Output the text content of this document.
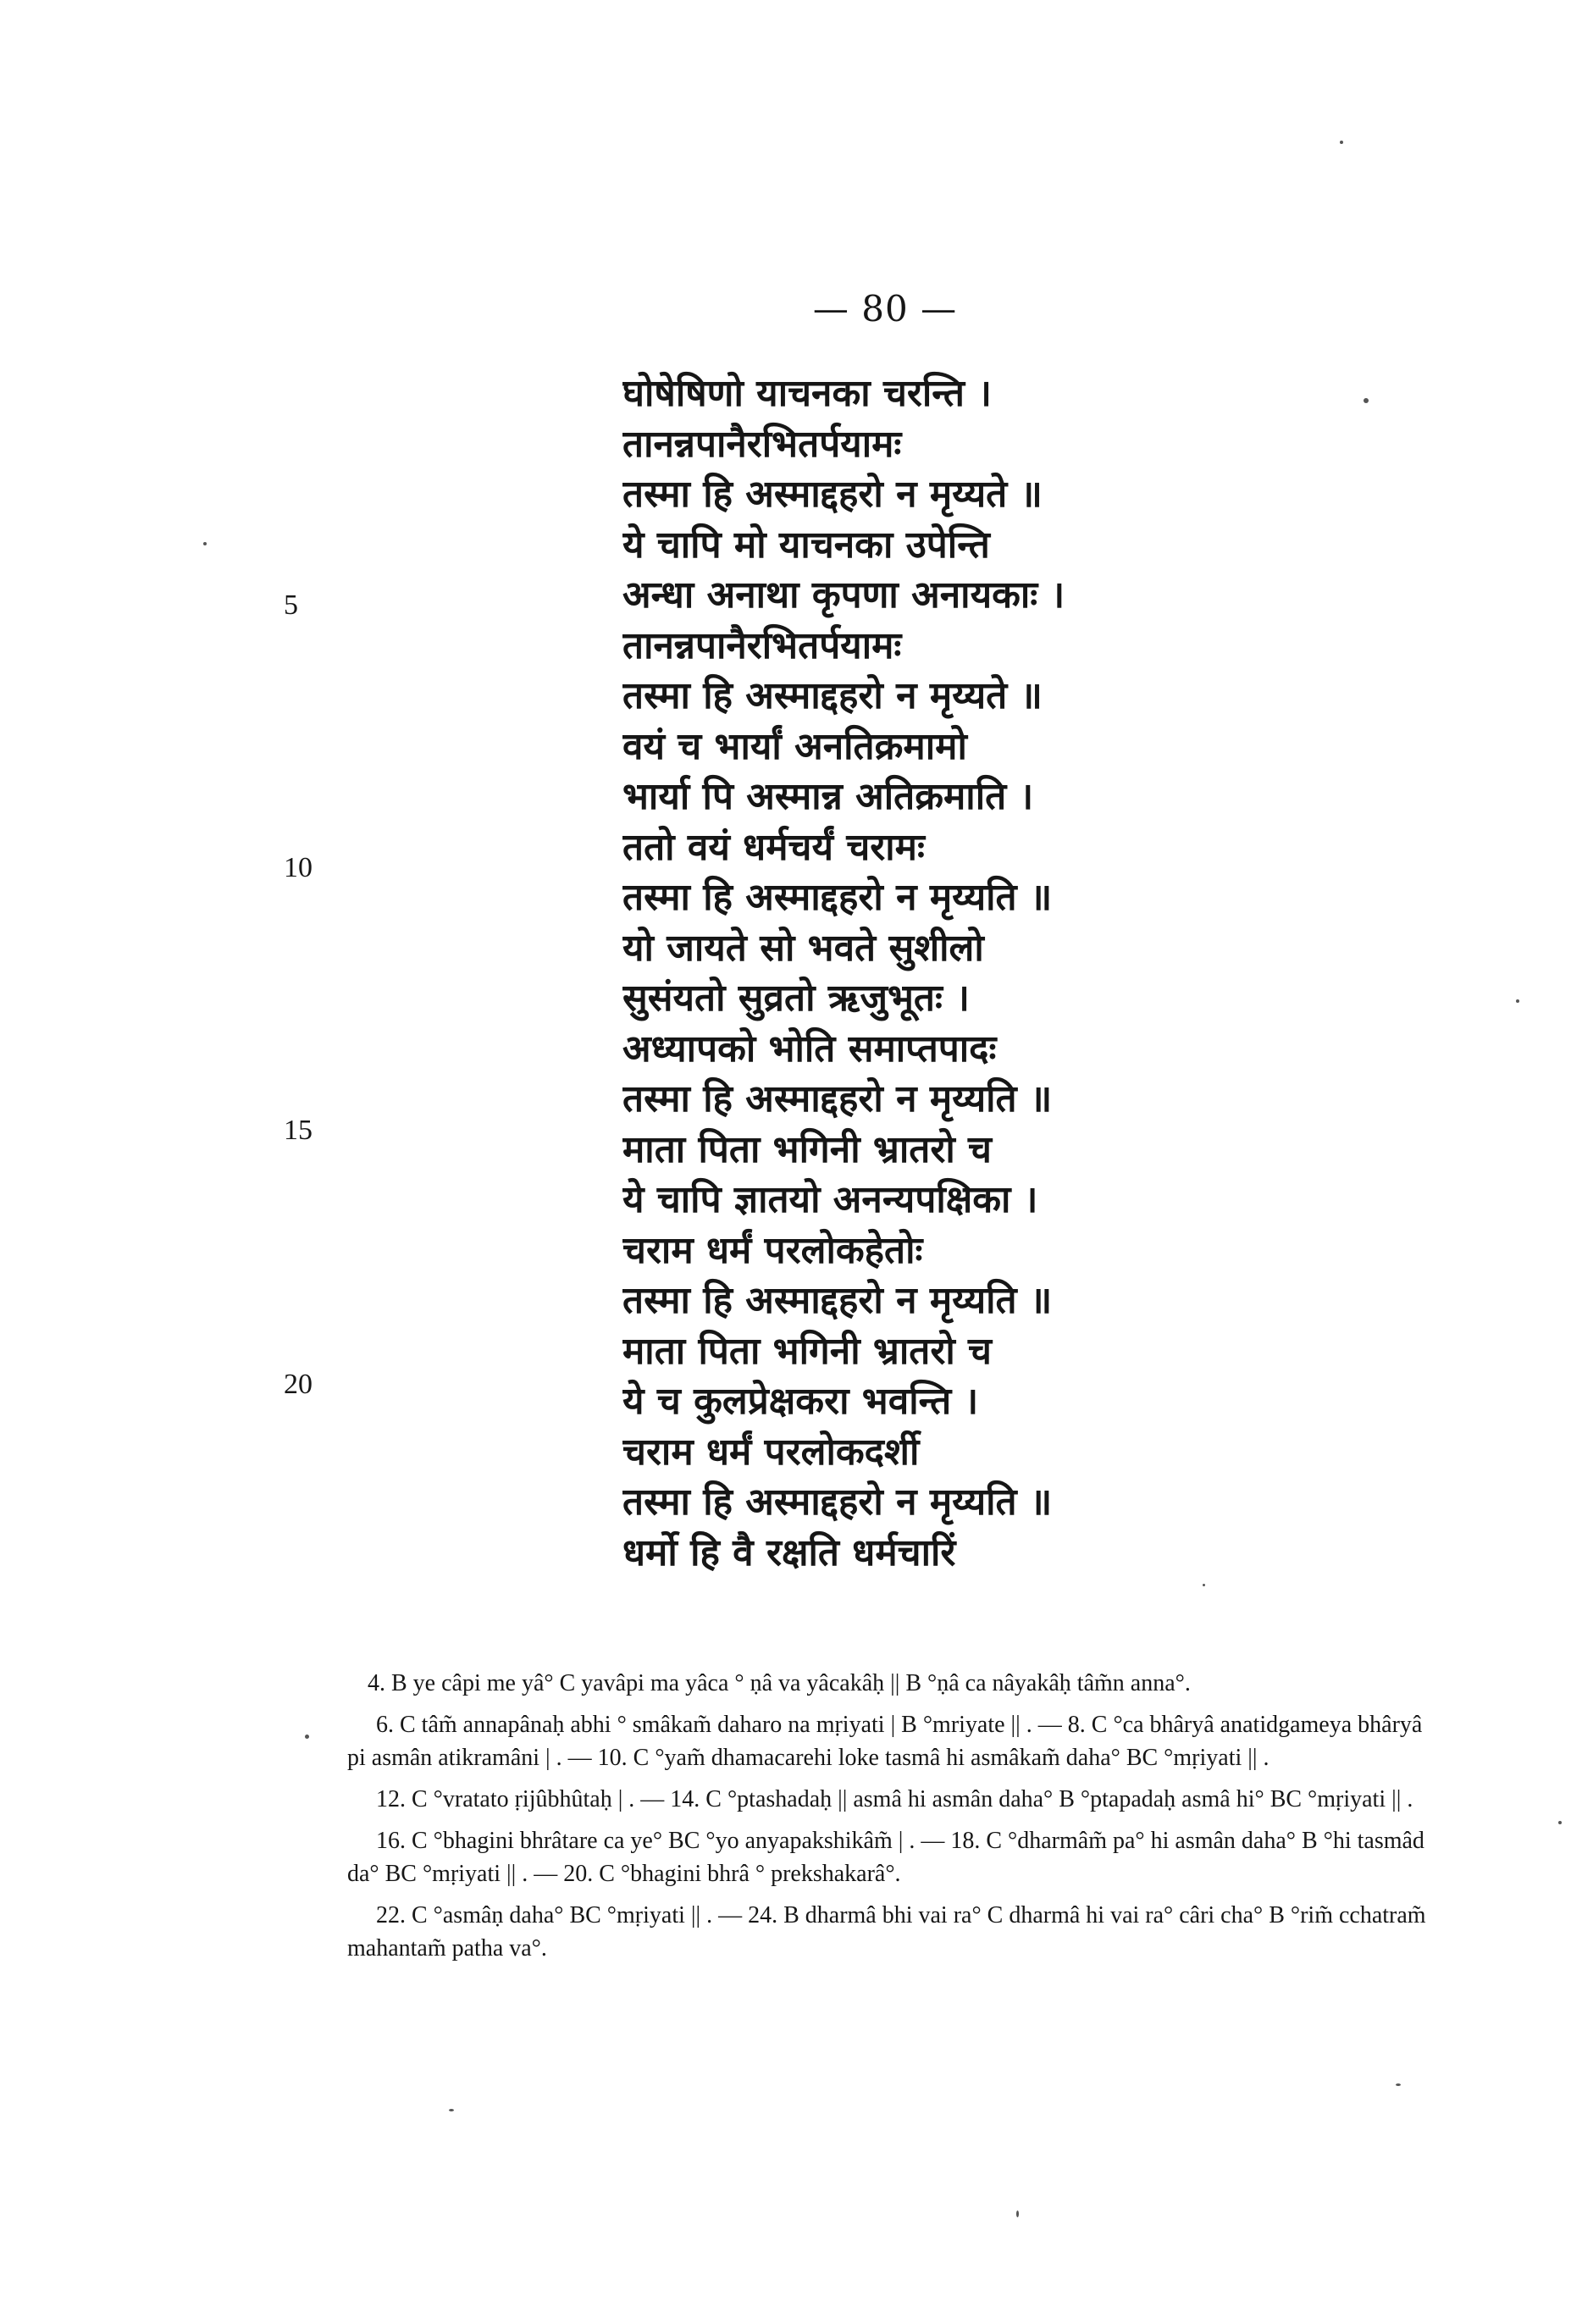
— 80 —
घोषेषिणो याचनका चरन्ति ।
तानन्नपानैरभितर्पयामः
तस्मा हि अस्माद्दहरो न मृय्यते ॥
ये चापि मो याचनका उपेन्ति
अन्धा अनाथा कृपणा अनायकाः ।
तानन्नपानैरभितर्पयामः
तस्मा हि अस्माद्दहरो न मृय्यते ॥
वयं च भार्यां अनतिक्रमामो
भार्या पि अस्मान्न अतिक्रमाति ।
ततो वयं धर्मचर्यं चरामः
तस्मा हि अस्माद्दहरो न मृय्यति ॥
यो जायते सो भवते सुशीलो
सुसंयतो सुव्रतो ऋजुभूतः ।
अध्यापको भोति समाप्तपादः
तस्मा हि अस्माद्दहरो न मृय्यति ॥
माता पिता भगिनी भ्रातरो च
ये चापि ज्ञातयो अनन्यपक्षिका ।
चराम धर्मं परलोकहेतोः
तस्मा हि अस्माद्दहरो न मृय्यति ॥
माता पिता भगिनी भ्रातरो च
ये च कुलप्रेक्षकरा भवन्ति ।
चराम धर्मं परलोकदर्शी
तस्मा हि अस्माद्दहरो न मृय्यति ॥
धर्मो हि वै रक्षति धर्मचारिं
5
10
15
20

4. B ye câpi me yâ° C yavâpi ma yâca ° ṇâ va yâcakâḥ || B °ṇâ ca nâyakâḥ tâm̃n anna°.

6. C tâm̃ annapânaḥ abhi ° smâkam̃ daharo na mṛiyati | B °mriyate || . — 8. C °ca bhâryâ anatidgameya bhâryâ pi asmân atikramâni | . — 10. C °yam̃ dhamacarehi loke tasmâ hi asmâkam̃ daha° BC °mṛiyati || .

12. C °vratato ṛijûbhûtaḥ | . — 14. C °ptashadaḥ || asmâ hi asmân daha° B °ptapadaḥ asmâ hi° BC °mṛiyati || .

16. C °bhagini bhrâtare ca ye° BC °yo anyapakshikâm̃ | . — 18. C °dharmâm̃ pa° hi asmân daha° B °hi tasmâd da° BC °mṛiyati || . — 20. C °bhagini bhrâ ° prekshakarâ°.

22. C °asmâṇ daha° BC °mṛiyati || . — 24. B dharmâ bhi vai ra° C dharmâ hi vai ra° câri cha° B °rim̃ cchatram̃ mahantam̃ patha va°.
